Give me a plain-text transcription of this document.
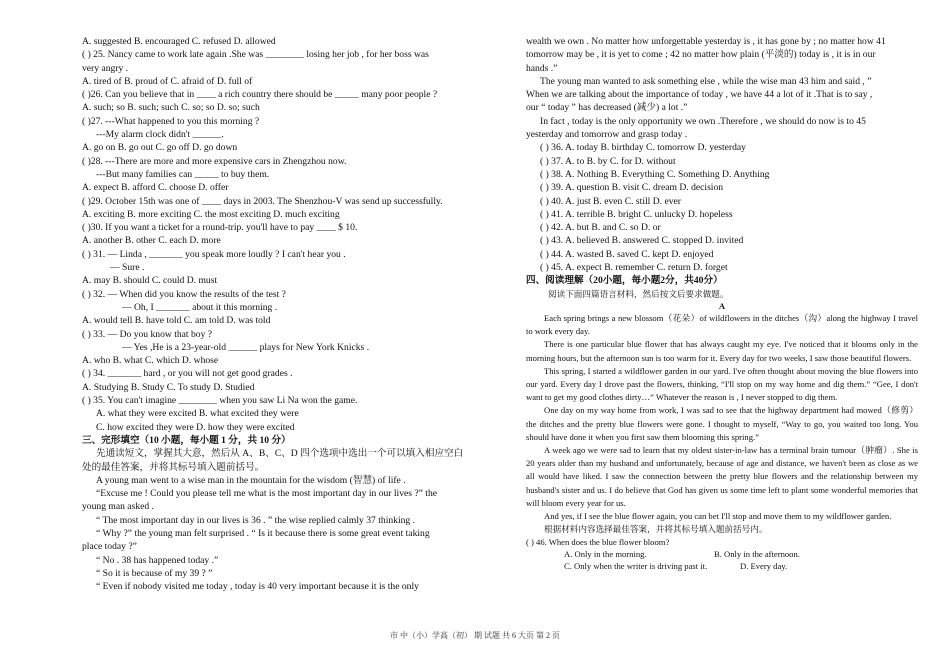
A. suggested B. encouraged C. refused D. allowed
( ) 25. Nancy came to work late again .She was ________ losing her job , for her boss was
very angry .
A. tired of B. proud of C. afraid of D. full of
( )26. Can you believe that in ____ a rich country there should be _____ many poor people ?
A. such; so B. such; such C. so; so D. so; such
( )27. ---What happened to you this morning ?
---My alarm clock didn't ______.
A. go on B. go out C. go off D. go down
( )28. ---There are more and more expensive cars in Zhengzhou now.
---But many families can _____ to buy them.
A. expect B. afford C. choose D. offer
( )29. October 15th was one of ____ days in 2003. The Shenzhou-V was send up successfully.
A. exciting B. more exciting C. the most exciting D. much exciting
( )30. If you want a ticket for a round-trip. you'll have to pay ____ $ 10.
A. another B. other C. each D. more
( ) 31. — Linda , _______ you speak more loudly ? I can't hear you .
— Sure .
A. may B. should C. could D. must
( ) 32. — When did you know the results of the test ?
— Oh, I _______ about it this morning .
A. would tell B. have told C. am told D. was told
( ) 33. — Do you know that boy ?
— Yes ,He is a 23-year-old ______ plays for New York Knicks .
A. who B. what C. which D. whose
( ) 34. _______ hard , or you will not get good grades .
A. Studying B. Study C. To study D. Studied
( ) 35. You can't imagine ________ when you saw Li Na won the game.
A. what they were excited B. what excited they were
C. how excited they were D. how they were excited
三、完形填空（10 小题，每小题 1 分，共 10 分）
先通读短文，掌握其大意，然后从 A、B、C、D 四个选项中选出一个可以填入相应空白
处的最佳答案，并将其标号填入题前括号。
A young man went to a wise man in the mountain for the wisdom (智慧) of life .
“Excuse me ! Could you please tell me what is the most important day in our lives ?” the
young man asked .
“ The most important day in our lives is 36 . ” the wise replied calmly 37 thinking .
“ Why ?” the young man felt surprised . “ Is it because there is some great event taking
place today ?”
“ No . 38 has happened today .”
“ So it is because of my 39 ? ”
“ Even if nobody visited me today , today is 40 very important because it is the only
wealth we own . No matter how unforgettable yesterday is , it has gone by ; no matter how 41
tomorrow may be , it is yet to come ; 42 no matter how plain (平淡的) today is , it is in our
hands .”
The young man wanted to ask something else , while the wise man 43 him and said , ”
When we are talking about the importance of today , we have 44 a lot of it .That is to say ,
our “ today ” has decreased (减少) a lot .”
In fact , today is the only opportunity we own .Therefore , we should do now is to 45
yesterday and tomorrow and grasp today .
( ) 36. A. today B. birthday C. tomorrow D. yesterday
( ) 37. A. to B. by C. for D. without
( ) 38. A. Nothing B. Everything C. Something D. Anything
( ) 39. A. question B. visit C. dream D. decision
( ) 40. A. just B. even C. still D. ever
( ) 41. A. terrible B. bright C. unlucky D. hopeless
( ) 42. A. but B. and C. so D. or
( ) 43. A. believed B. answered C. stopped D. invited
( ) 44. A. wasted B. saved C. kept D. enjoyed
( ) 45. A. expect B. remember C. return D. forget
四、阅读理解（20小题，每小题2分，共40分）
阅读下面四篇语言材料，然后按文后要求做题。
A
Each spring brings a new blossom（花朵）of wildflowers in the ditches（沟）along the highway I travel to work every day.
There is one particular blue flower that has always caught my eye. I've noticed that it blooms only in the morning hours, but the afternoon sun is too warm for it. Every day for two weeks, I saw those beautiful flowers.
This spring, I started a wildflower garden in our yard. I've often thought about moving the blue flowers into our yard. Every day I drove past the flowers, thinking, “I'll stop on my way home and dig them.” “Gee, I don't want to get my good clothes dirty…” Whatever the reason is , I never stopped to dig them.
One day on my way home from work, I was sad to see that the highway department had mowed（修剪）the ditches and the pretty blue flowers were gone. I thought to myself, “Way to go, you waited too long. You should have done it when you first saw them blooming this spring.”
A week ago we were sad to learn that my oldest sister-in-law has a terminal brain tumour（肿瘤）. She is 20 years older than my husband and unfortunately, because of age and distance, we haven't been as close as we all would have liked. I saw the connection between the pretty blue flowers and the relationship between my husband's sister and us. I do believe that God has given us some time left to plant some wonderful memories that will bloom every year for us.
And yes, if I see the blue flower again, you can bet I'll stop and move them to my wildflower garden.
根据材料内容选择最佳答案，并将其标号填入题前括号内。
( ) 46. When does the blue flower bloom?
A. Only in the morning.	B. Only in the afternoon.
C. Only when the writer is driving past it.	D. Every day.
市 中（小）学高（初） 期 试题 共 6 大页 第 2 页
